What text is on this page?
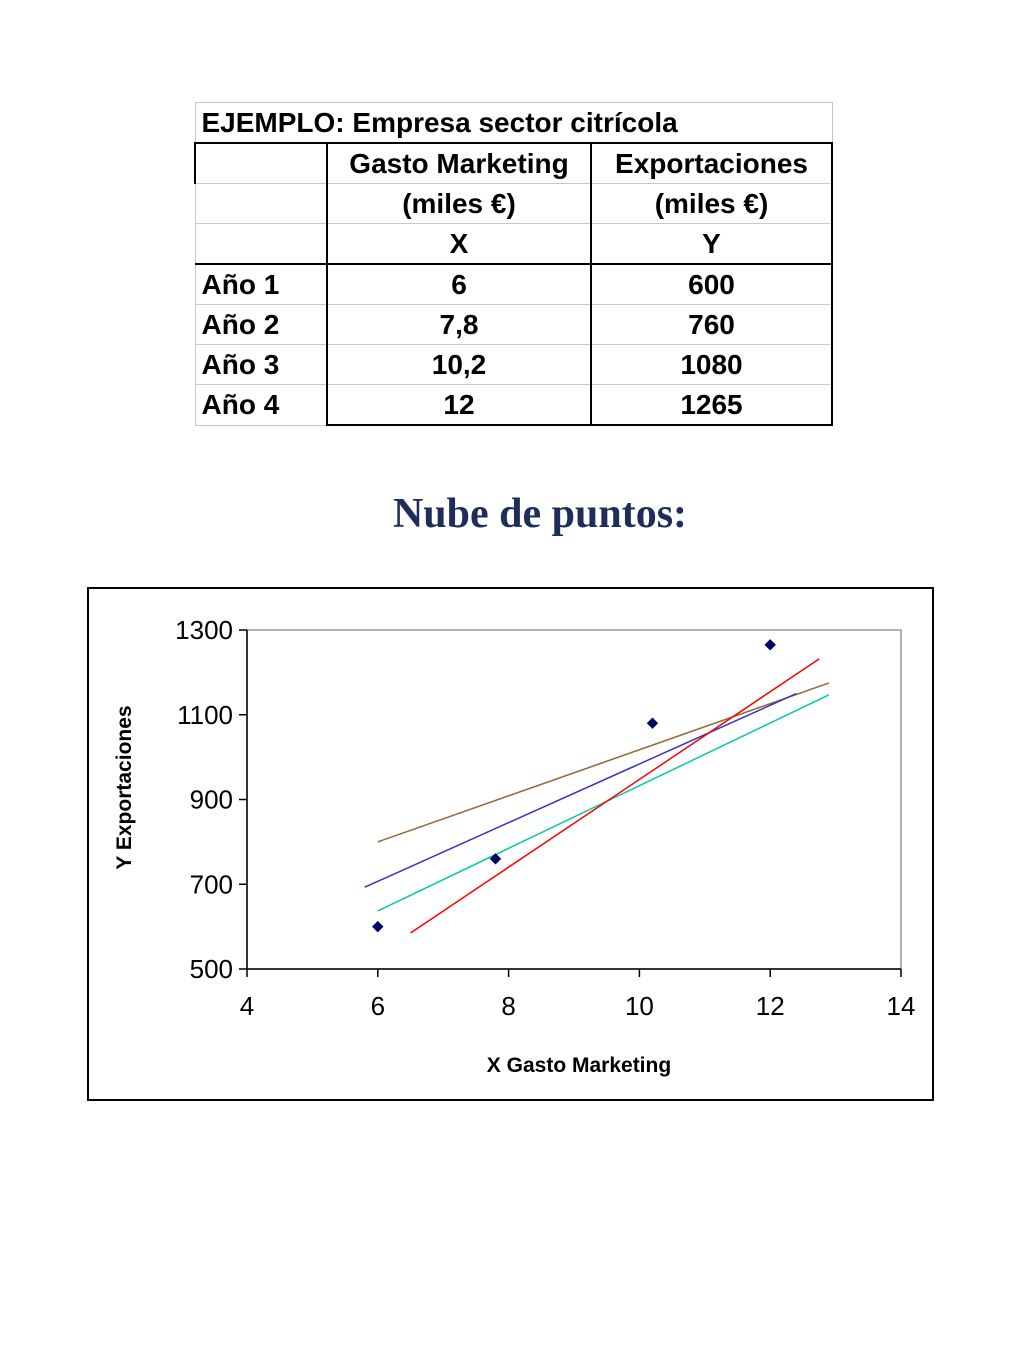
EJEMPLO: Empresa sector citrícola		
	Gasto Marketing	Exportaciones
	(miles €)	(miles €)
	X	Y
Año 1	6	600
Año 2	7,8	760
Año 3	10,2	1080
Año 4	12	1265
Nube de puntos:
500
700
900
1100
1300
4	6	8	10	12	14
X Gasto Marketing
Y Exportaciones
